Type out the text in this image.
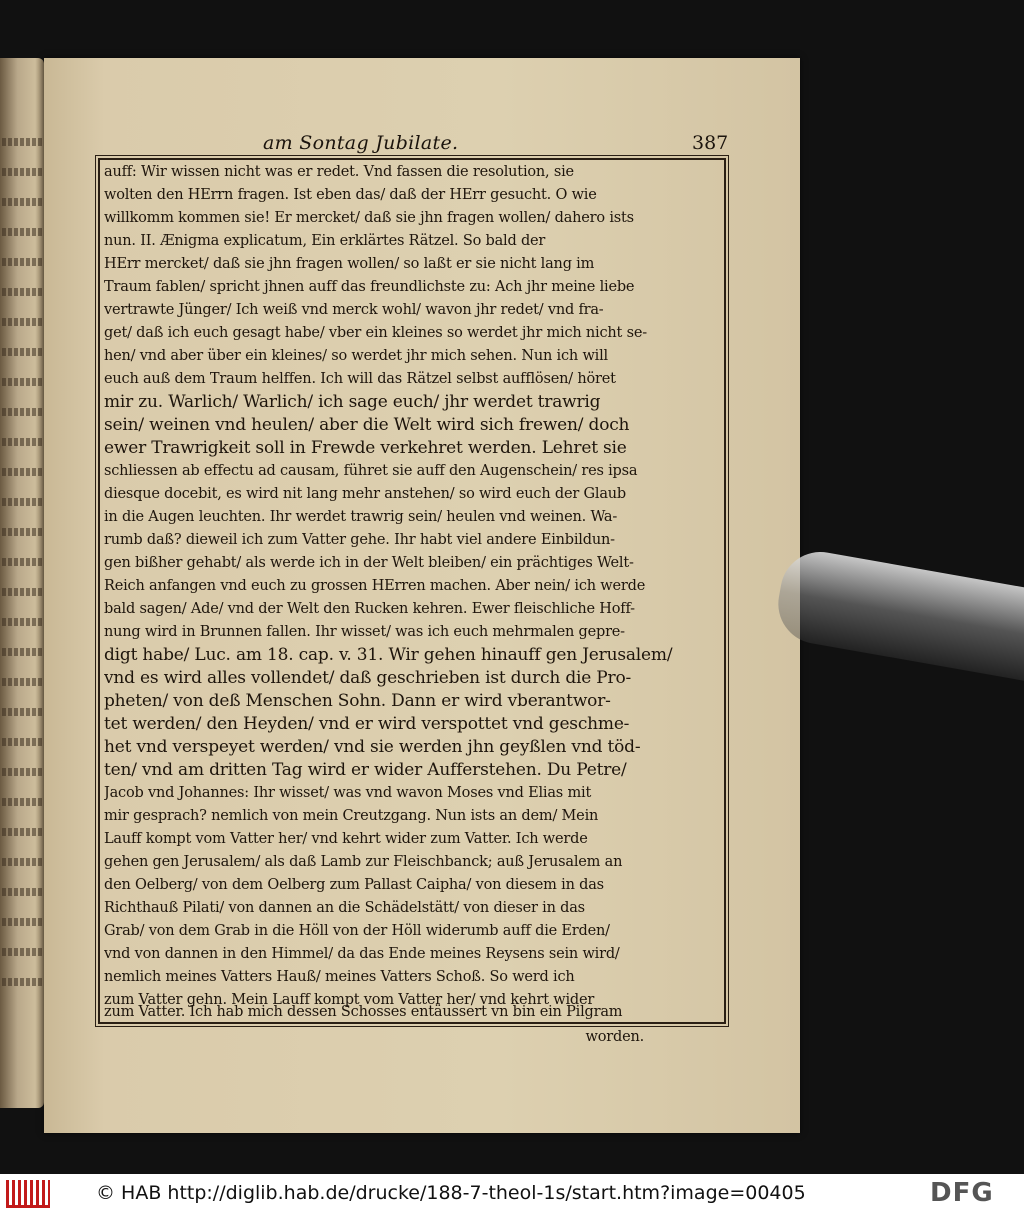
am Sontag Jubilate.	387
auff: Wir wissen nicht was er redet. Vnd fassen die resolution, sie
wolten den HErrn fragen. Ist eben das/ daß der HErr gesucht. O wie
willkomm kommen sie! Er mercket/ daß sie jhn fragen wollen/ dahero ists
nun. II. Ænigma explicatum, Ein erklärtes Rätzel. So bald der
HErr mercket/ daß sie jhn fragen wollen/ so laßt er sie nicht lang im
Traum fablen/ spricht jhnen auff das freundlichste zu: Ach jhr meine liebe
vertrawte Jünger/ Ich weiß vnd merck wohl/ wavon jhr redet/ vnd fra-
get/ daß ich euch gesagt habe/ vber ein kleines so werdet jhr mich nicht se-
hen/ vnd aber über ein kleines/ so werdet jhr mich sehen. Nun ich will
euch auß dem Traum helffen. Ich will das Rätzel selbst aufflösen/ höret
mir zu. Warlich/ Warlich/ ich sage euch/ jhr werdet trawrig
sein/ weinen vnd heulen/ aber die Welt wird sich frewen/ doch
ewer Trawrigkeit soll in Frewde verkehret werden. Lehret sie
schliessen ab effectu ad causam, führet sie auff den Augenschein/ res ipsa
diesque docebit, es wird nit lang mehr anstehen/ so wird euch der Glaub
in die Augen leuchten. Ihr werdet trawrig sein/ heulen vnd weinen. Wa-
rumb daß? dieweil ich zum Vatter gehe. Ihr habt viel andere Einbildun-
gen bißher gehabt/ als werde ich in der Welt bleiben/ ein prächtiges Welt-
Reich anfangen vnd euch zu grossen HErren machen. Aber nein/ ich werde
bald sagen/ Ade/ vnd der Welt den Rucken kehren. Ewer fleischliche Hoff-
nung wird in Brunnen fallen. Ihr wisset/ was ich euch mehrmalen gepre-
digt habe/ Luc. am 18. cap. v. 31. Wir gehen hinauff gen Jerusalem/
vnd es wird alles vollendet/ daß geschrieben ist durch die Pro-
pheten/ von deß Menschen Sohn. Dann er wird vberantwor-
tet werden/ den Heyden/ vnd er wird verspottet vnd geschme-
het vnd verspeyet werden/ vnd sie werden jhn geyßlen vnd töd-
ten/ vnd am dritten Tag wird er wider Aufferstehen. Du Petre/
Jacob vnd Johannes: Ihr wisset/ was vnd wavon Moses vnd Elias mit
mir gesprach? nemlich von mein Creutzgang. Nun ists an dem/ Mein
Lauff kompt vom Vatter her/ vnd kehrt wider zum Vatter. Ich werde
gehen gen Jerusalem/ als daß Lamb zur Fleischbanck; auß Jerusalem an
den Oelberg/ von dem Oelberg zum Pallast Caipha/ von diesem in das
Richthauß Pilati/ von dannen an die Schädelstätt/ von dieser in das
Grab/ von dem Grab in die Höll von der Höll widerumb auff die Erden/
vnd von dannen in den Himmel/ da das Ende meines Reysens sein wird/
nemlich meines Vatters Hauß/ meines Vatters Schoß. So werd ich
zum Vatter gehn. Mein Lauff kompt vom Vatter her/ vnd kehrt wider
zum Vatter. Ich hab mich dessen Schosses entäussert vn bin ein Pilgram
worden.
© HAB http://diglib.hab.de/drucke/188-7-theol-1s/start.htm?image=00405	DFG
